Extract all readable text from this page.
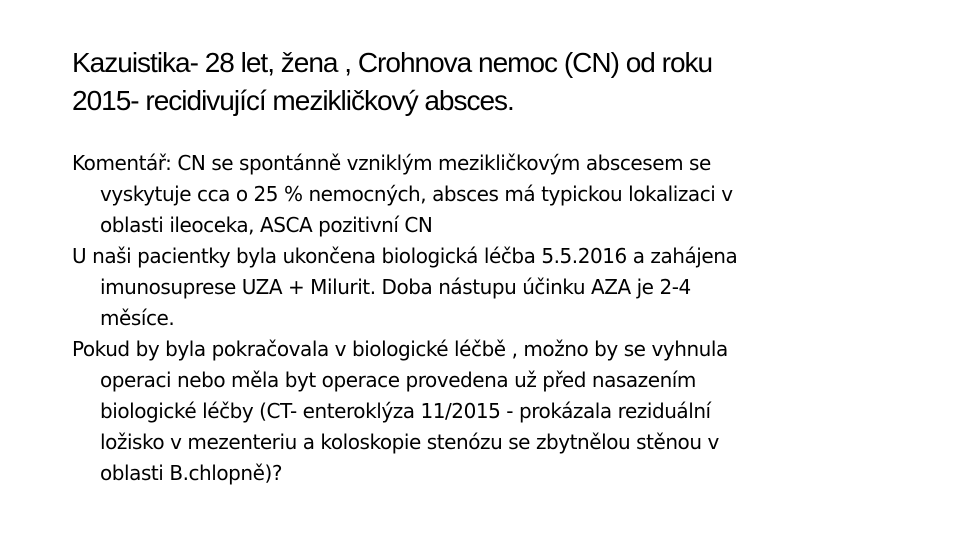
Kazuistika- 28 let, žena , Crohnova nemoc (CN) od roku
2015- recidivující mezikličkový absces.

Komentář: CN se spontánně vzniklým mezikličkovým abscesem se
vyskytuje cca o 25 % nemocných, absces má typickou lokalizaci v
oblasti ileoceka, ASCA pozitivní CN

U naši pacientky byla ukončena biologická léčba 5.5.2016 a zahájena
imunosuprese UZA + Milurit. Doba nástupu účinku AZA je 2-4
měsíce.

Pokud by byla pokračovala v biologické léčbě , možno by se vyhnula
operaci nebo měla byt operace provedena už před nasazením
biologické léčby (CT- enteroklýza 11/2015 - prokázala reziduální
ložisko v mezenteriu a koloskopie stenózu se zbytnělou stěnou v
oblasti B.chlopně)?
